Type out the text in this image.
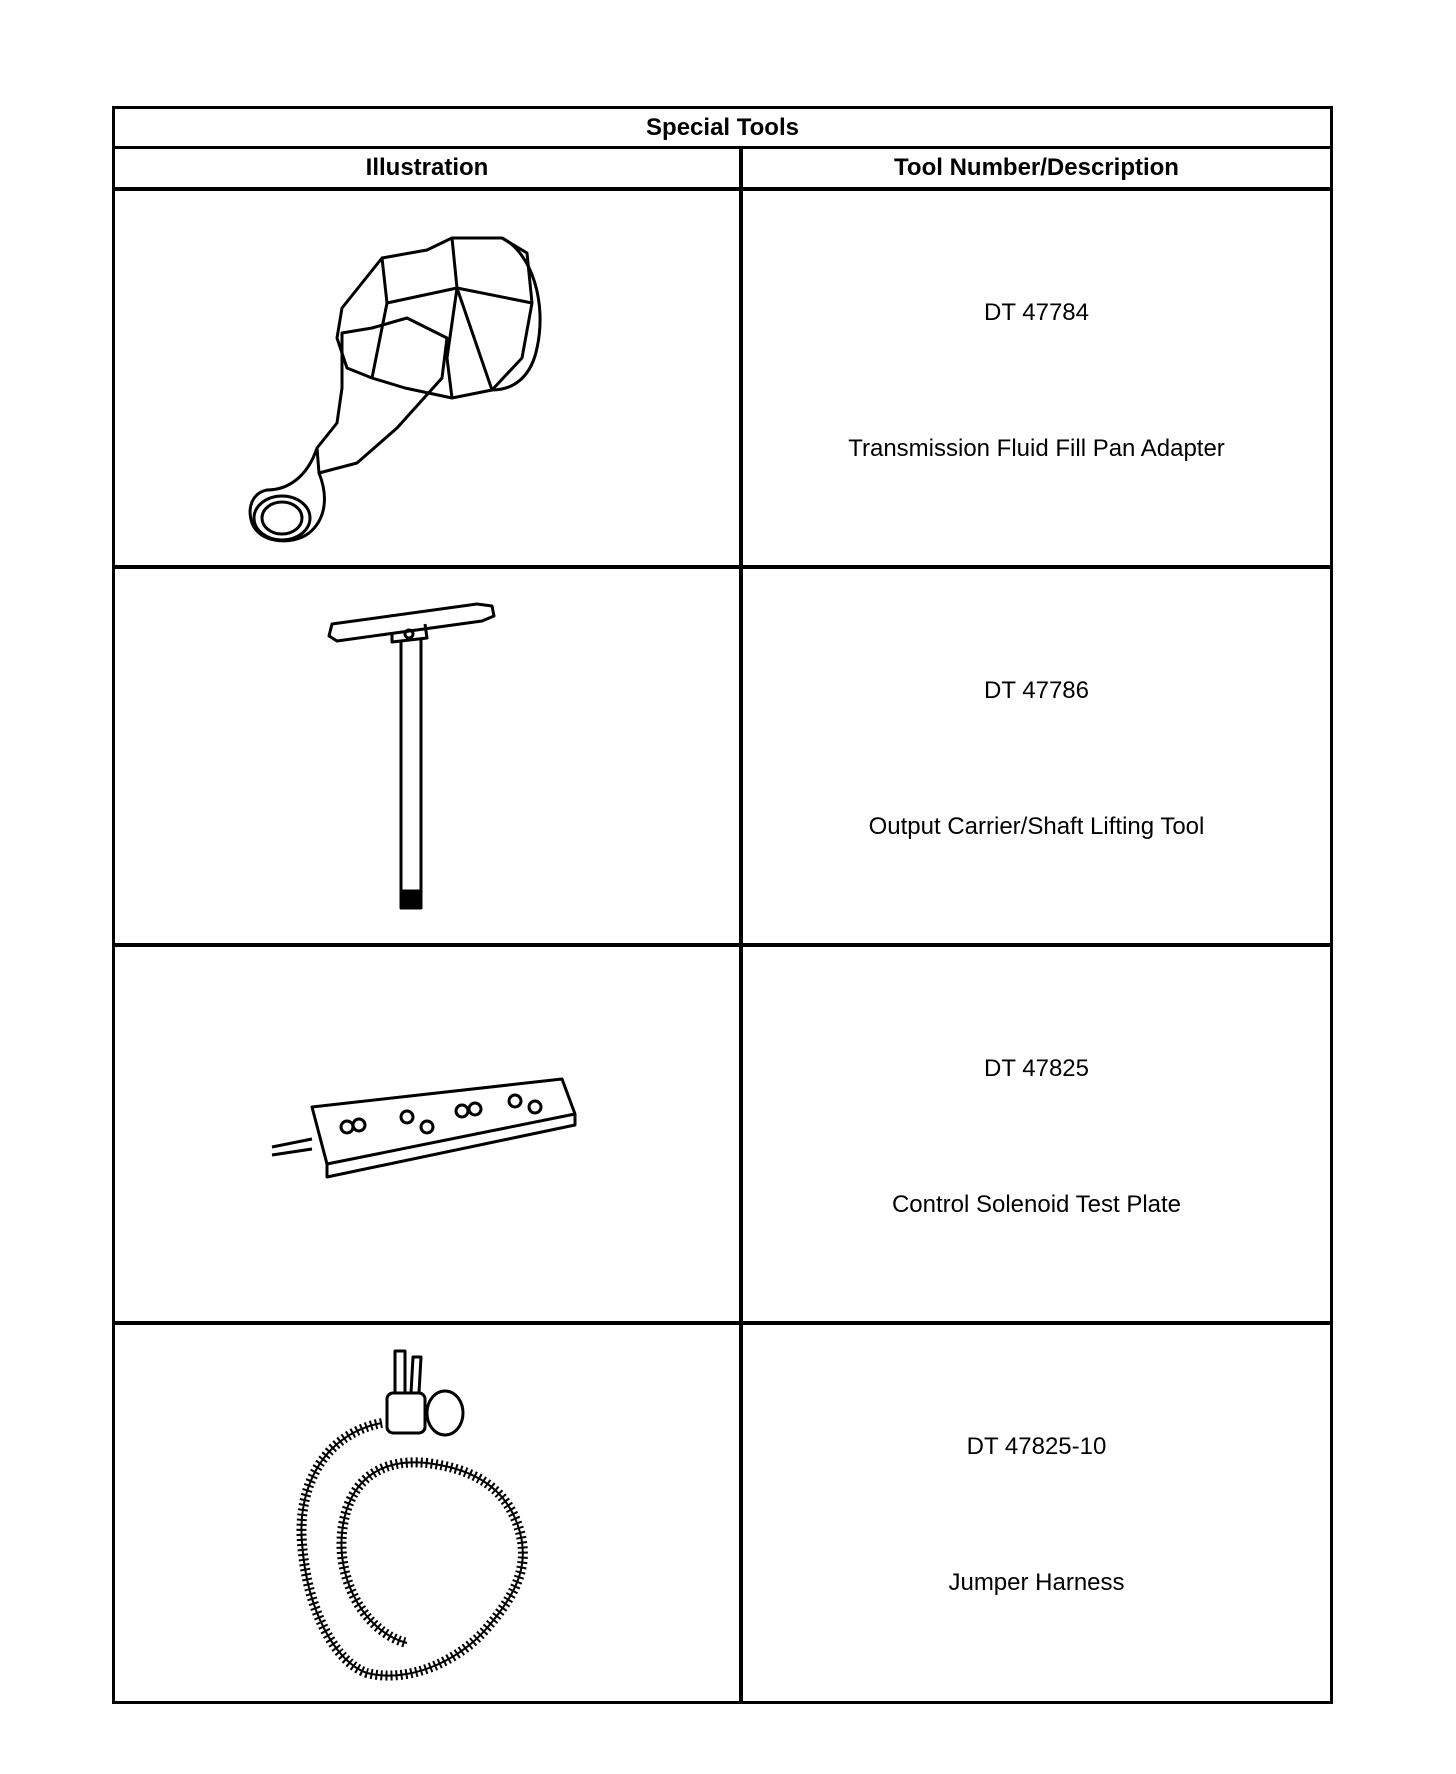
Special Tools
Illustration	Tool Number/Description
DT 47784
Transmission Fluid Fill Pan Adapter
DT 47786
Output Carrier/Shaft Lifting Tool
DT 47825
Control Solenoid Test Plate
DT 47825-10
Jumper Harness
